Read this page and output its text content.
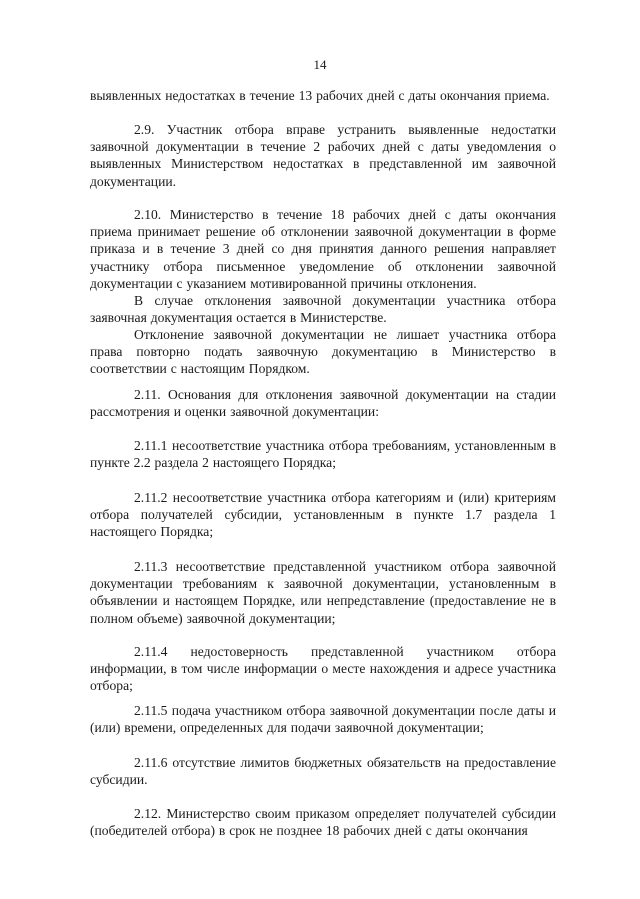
14

выявленных недостатках в течение 13 рабочих дней с даты окончания приема.

2.9. Участник отбора вправе устранить выявленные недостатки заявочной документации в течение 2 рабочих дней с даты уведомления о выявленных Министерством недостатках в представленной им заявочной документации.

2.10. Министерство в течение 18 рабочих дней с даты окончания приема принимает решение об отклонении заявочной документации в форме приказа и в течение 3 дней со дня принятия данного решения направляет участнику отбора письменное уведомление об отклонении заявочной документации с указанием мотивированной причины отклонения.

В случае отклонения заявочной документации участника отбора заявочная документация остается в Министерстве.

Отклонение заявочной документации не лишает участника отбора права повторно подать заявочную документацию в Министерство в соответствии с настоящим Порядком.

2.11. Основания для отклонения заявочной документации на стадии рассмотрения и оценки заявочной документации:

2.11.1 несоответствие участника отбора требованиям, установленным в пункте 2.2 раздела 2 настоящего Порядка;

2.11.2 несоответствие участника отбора категориям и (или) критериям отбора получателей субсидии, установленным в пункте 1.7 раздела 1 настоящего Порядка;

2.11.3 несоответствие представленной участником отбора заявочной документации требованиям к заявочной документации, установленным в объявлении и настоящем Порядке, или непредставление (предоставление не в полном объеме) заявочной документации;

2.11.4 недостоверность представленной участником отбора информации, в том числе информации о месте нахождения и адресе участника отбора;

2.11.5 подача участником отбора заявочной документации после даты и (или) времени, определенных для подачи заявочной документации;

2.11.6 отсутствие лимитов бюджетных обязательств на предоставление субсидии.

2.12. Министерство своим приказом определяет получателей субсидии (победителей отбора) в срок не позднее 18 рабочих дней с даты окончания
